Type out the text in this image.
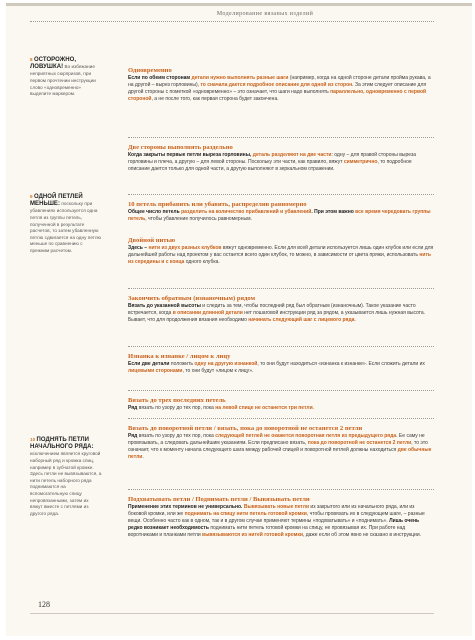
Моделирование вязаных изделий
8 ОСТОРОЖНО, ЛОВУШКА! Во избежание неприятных сюрпризов, при первом прочтении инструкции слово «одновременно» выделите маркером.
9 ОДНОЙ ПЕТЛЕЙ МЕНЬШЕ: поскольку при убавлениях используется одна петля из группы петель, полученной в результате расчетов, то затем убавленную петлю сдвигается на одну петлю меньше по сравнению с прежним расчетом.
10 ПОДНЯТЬ ПЕТЛИ НАЧАЛЬНОГО РЯДА: исключением является круговой наборный ряд и кромка спиц, например в зубчатой кромке. Здесь петли не вывязываются, а нити петель наборного ряда поднимаются на вспомогательную спицу непровязанными, затем их вяжут вместе с петлями из другого ряда.
Одновременно
Если по обеим сторонам детали нужно выполнять разные шаги (например, когда на одной стороне детали пройма рукава, а на другой – вырез горловины), то сначала дается подробное описание для одной из сторон. За этим следует описание для другой стороны с пометкой «одновременно» – это означает, что шаги надо выполнять параллельно, одновременно с первой стороной, а не после того, как первая сторона будет закончена.
Две стороны выполнять раздельно
Когда закрыты первые петли выреза горловины, деталь разделяют на две части: одну – для правой стороны выреза горловины и плеча, а другую – для левой стороны. Поскольку эти части, как правило, вяжут симметрично, то подробное описание дается только для одной части, а другую выполняют в зеркальном отражении.
10 петель прибавить или убавить, распределив равномерно
Общее число петель разделить на количество прибавлений и убавлений. При этом важно все время чередовать группы петель, чтобы убавление получилось равномерным.
Двойной нитью
Здесь – нити из двух разных клубков вяжут одновременно. Если для всей детали используется лишь один клубок или если для дальнейшей работы над проектом у вас остается всего один клубок, то можно, в зависимости от цвета пряжи, использовать нить из середины и с конца одного клубка.
Закончить обратным (изнаночным) рядом
Вязать до указанной высоты и следить за тем, чтобы последний ряд был обратным (изнаночным). Такое указание часто встречается, когда в описании длинной детали нет пошаговой инструкции ряд за рядом, а указывается лишь нужная высота. Бывает, что для продолжения вязания необходимо начинать следующий шаг с лицевого ряда.
Изнанка к изнанке / лицом к лицу
Если две детали положить одну на другую изнанкой, то они будут находиться «изнанка к изнанке». Если сложить детали их лицевыми сторонами, то они будут «лицом к лицу».
Вязать до трех последних петель
Ряд вязать по узору до тех пор, пока на левой спице не останется три петли.
Вязать до поворотной петли / вязать, пока до поворотной не останется 2 петли
Ряд вязать по узору до тех пор, пока следующей петлей не окажется поворотная петля из предыдущего ряда. Ее саму не провязывать, а следовать дальнейшим указаниям. Если предписано вязать, пока до поворотной не останется 2 петли, то это означает, что к моменту начала следующего шага между рабочей спицей и поворотной петлей должны находиться две обычные петли.
Подхватывать петли / Поднимать петли / Вывязывать петли
Применение этих терминов не универсально. Вывязывать новые петли из закрытого или из начального ряда, или из боковой кромки, или же поднимать на спицу нити петель готовой кромки, чтобы провязать их в следующем шаге, – разные вещи. Особенно часто как в одном, так и в другом случае применяют термины «подхватывать» и «поднимать». Лишь очень редко возникает необходимость поднимать нити петель готовой кромки на спицу, не провязывая их. При работе над воротниками и планками петли вывязываются из нитей готовой кромки, даже если об этом явно не сказано в инструкции.
128
